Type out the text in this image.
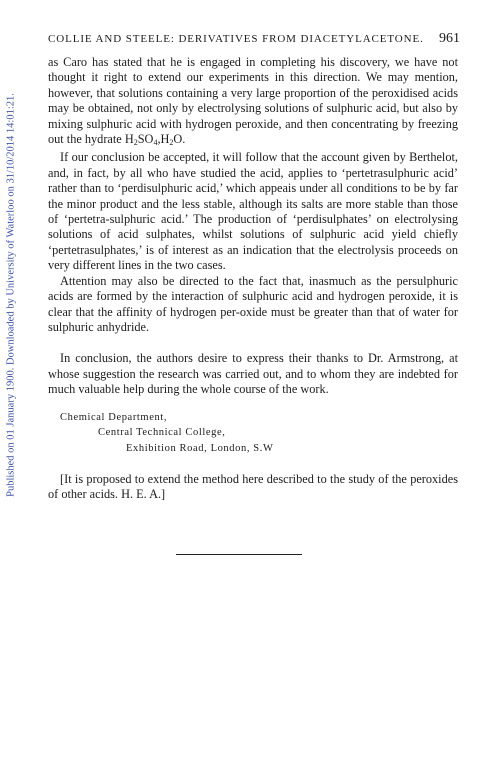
Published on 01 January 1900. Downloaded by University of Waterloo on 31/10/2014 14:01:21.
COLLIE AND STEELE: DERIVATIVES FROM DIACETYLACETONE. 961

as Caro has stated that he is engaged in completing his discovery, we have not thought it right to extend our experiments in this direction. We may mention, however, that solutions containing a very large proportion of the peroxidised acids may be obtained, not only by electrolysing solutions of sulphuric acid, but also by mixing sulphuric acid with hydrogen peroxide, and then concentrating by freezing out the hydrate $H_2SO_4,H_2O$.

If our conclusion be accepted, it will follow that the account given by Berthelot, and, in fact, by all who have studied the acid, applies to ‘pertetrasulphuric acid’ rather than to ‘perdisulphuric acid,’ which appeais under all conditions to be by far the minor product and the less stable, although its salts are more stable than those of ‘pertetra-sulphuric acid.’ The production of ‘perdisulphates’ on electrolysing solutions of acid sulphates, whilst solutions of sulphuric acid yield chiefly ‘pertetrasulphates,’ is of interest as an indication that the electrolysis proceeds on very different lines in the two cases.

Attention may also be directed to the fact that, inasmuch as the persulphuric acids are formed by the interaction of sulphuric acid and hydrogen peroxide, it is clear that the affinity of hydrogen per-oxide must be greater than that of water for sulphuric anhydride.

In conclusion, the authors desire to express their thanks to Dr. Armstrong, at whose suggestion the research was carried out, and to whom they are indebted for much valuable help during the whole course of the work.

Chemical Department,
Central Technical College,
Exhibition Road, London, S.W

[It is proposed to extend the method here described to the study of the peroxides of other acids. H. E. A.]
